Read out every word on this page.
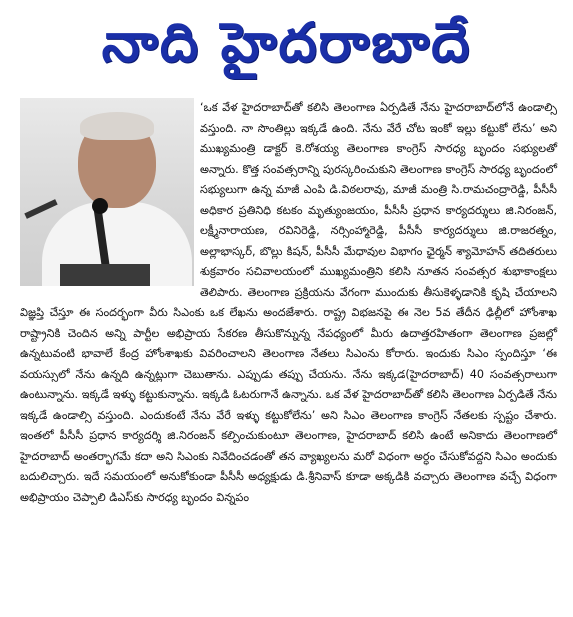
నాది హైదరాబాదే

‘ఒక వేళ హైదరాబాద్‌తో కలిసి తెలంగాణ ఏర్పడితే నేను హైదరాబాద్‌లోనే ఉండాల్సి వస్తుంది. నా సొంతిల్లు ఇక్కడే ఉంది. నేను వేరే చోట ఇంకో ఇల్లు కట్టుకో లేను’ అని ముఖ్యమంత్రి డాక్టర్ కె.రోశయ్య తెలంగాణ కాంగ్రెస్ సారధ్య బృందం సభ్యులతో అన్నారు. కొత్త సంవత్సరాన్ని పురస్కరించుకుని తెలంగాణ కాంగ్రెస్ సారధ్య బృందంలో సభ్యులుగా ఉన్న మాజీ ఎంపి డి.విఠలరావు, మాజీ మంత్రి సి.రామచంద్రారెడ్డి, పీసీసీ అధికార ప్రతినిధి కటకం మృత్యుంజయం, పీసీసీ ప్రధాన కార్యదర్శులు జి.నిరంజన్, లక్ష్మీనారాయణ, రవినిరెడ్డి, నర్సింహ్మారెడ్డి, పీసీసీ కార్యదర్శులు జి.రాజరత్నం, అల్లాభాస్కర్, బొల్లు కిషన్, పీసీసీ మేధావుల విభాగం ఛైర్మన్ శ్యామోహన్ తదితరులు శుక్రవారం సచివాలయంలో ముఖ్యమంత్రిని కలిసి నూతన సంవత్సర శుభాకాంక్షలు తెలిపారు. తెలంగాణ ప్రక్రియను వేగంగా ముందుకు తీసుకెళ్ళడానికి కృషి చేయాలని విజ్ఞప్తి చేస్తూ ఈ సందర్భంగా వీరు సిఎంకు ఒక లేఖను అందజేశారు. రాష్ట్ర విభజనపై ఈ నెల 5వ తేదీన ఢిల్లీలో హోంశాఖ రాష్ట్రానికి చెందిన అన్ని పార్టీల అభిప్రాయ సేకరణ తీసుకొన్నున్న నేపధ్యంలో మీరు ఉదాత్తరహితంగా తెలంగాణ ప్రజల్లో ఉన్నటువంటి భావాలే కేంద్ర హోంశాఖకు వివరించాలని తెలంగాణ నేతలు సిఎంను కోరారు. ఇందుకు సిఎం స్పందిస్తూ ‘ఈ వయస్సులో నేను ఉన్నది ఉన్నట్లుగా చెబుతాను. ఎప్పుడు తప్పు చేయను. నేను ఇక్కడ(హైదరాబాద్) 40 సంవత్సరాలుగా ఉంటున్నాను. ఇక్కడే ఇళ్ళు కట్టుకున్నాను. ఇక్కడి ఓటరుగానే ఉన్నాను. ఒక వేళ హైదరాబాద్‌తో కలిసి తెలంగాణ ఏర్పడితే నేను ఇక్కడే ఉండాల్సి వస్తుంది. ఎందుకంటే నేను వేరే ఇళ్ళు కట్టుకోలేను’ అని సిఎం తెలంగాణ కాంగ్రెస్ నేతలకు స్పష్టం చేశారు. ఇంతలో పీసీసీ ప్రధాన కార్యదర్శి జి.నిరంజన్ కల్పించుకుంటూ తెలంగాణ, హైదరాబాద్ కలిసి ఉంటే అనికాదు తెలంగాణలో హైదరాబాద్ అంతర్భాగమే కదా అని సిఎంకు నివేదించడంతో తన వ్యాఖ్యలను మరో విధంగా అర్ధం చేసుకోవద్దని సిఎం అందుకు బదులిచ్చారు. ఇదే సమయంలో అనుకోకుండా పీసీసీ అధ్యక్షుడు డి.శ్రీనివాస్ కూడా అక్కడికి వచ్చారు తెలంగాణ వచ్చే విధంగా అభిప్రాయం చెప్పాలి డిఎస్‌కు సారధ్య బృందం విన్నపం
